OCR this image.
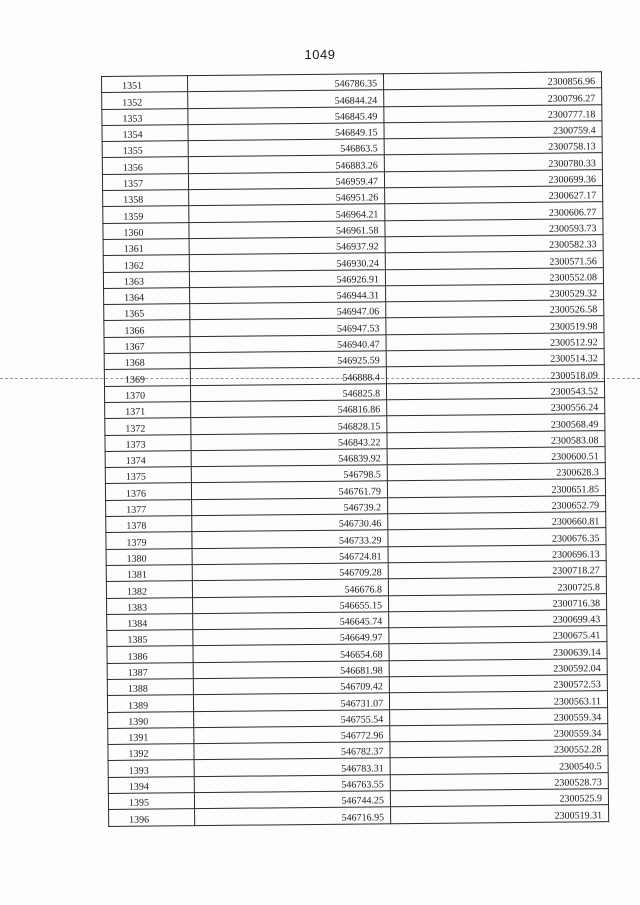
1049
1351	546786.35	2300856.96
1352	546844.24	2300796.27
1353	546845.49	2300777.18
1354	546849.15	2300759.4
1355	546863.5	2300758.13
1356	546883.26	2300780.33
1357	546959.47	2300699.36
1358	546951.26	2300627.17
1359	546964.21	2300606.77
1360	546961.58	2300593.73
1361	546937.92	2300582.33
1362	546930.24	2300571.56
1363	546926.91	2300552.08
1364	546944.31	2300529.32
1365	546947.06	2300526.58
1366	546947.53	2300519.98
1367	546940.47	2300512.92
1368	546925.59	2300514.32
1369	546888.4	2300518.09
1370	546825.8	2300543.52
1371	546816.86	2300556.24
1372	546828.15	2300568.49
1373	546843.22	2300583.08
1374	546839.92	2300600.51
1375	546798.5	2300628.3
1376	546761.79	2300651.85
1377	546739.2	2300652.79
1378	546730.46	2300660.81
1379	546733.29	2300676.35
1380	546724.81	2300696.13
1381	546709.28	2300718.27
1382	546676.8	2300725.8
1383	546655.15	2300716.38
1384	546645.74	2300699.43
1385	546649.97	2300675.41
1386	546654.68	2300639.14
1387	546681.98	2300592.04
1388	546709.42	2300572.53
1389	546731.07	2300563.11
1390	546755.54	2300559.34
1391	546772.96	2300559.34
1392	546782.37	2300552.28
1393	546783.31	2300540.5
1394	546763.55	2300528.73
1395	546744.25	2300525.9
1396	546716.95	2300519.31
